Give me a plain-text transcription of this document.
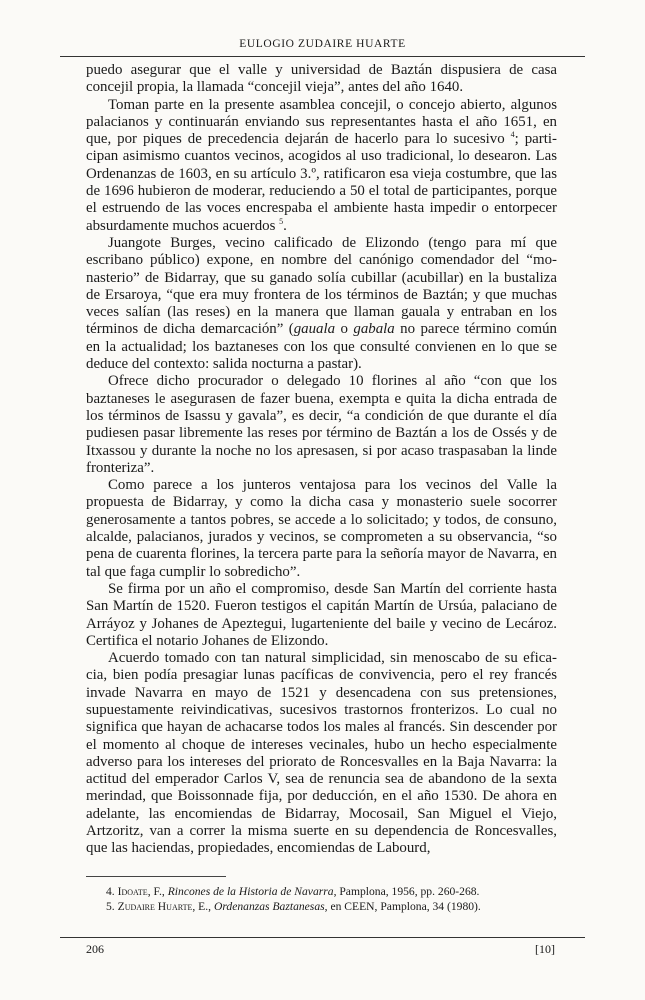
EULOGIO ZUDAIRE HUARTE

puedo asegurar que el valle y universidad de Baztán dispusiera de casa concejil propia, la llamada “concejil vieja”, antes del año 1640.

Toman parte en la presente asamblea concejil, o concejo abierto, algunos palacianos y continuarán enviando sus representantes hasta el año 1651, en que, por piques de precedencia dejarán de hacerlo para lo sucesivo $^4$; participan asimismo cuantos vecinos, acogidos al uso tradicional, lo desearon. Las Ordenanzas de 1603, en su artículo 3.º, ratificaron esa vieja costumbre, que las de 1696 hubieron de moderar, reduciendo a 50 el total de participantes, porque el estruendo de las voces encrespaba el ambiente hasta impedir o entorpecer absurdamente muchos acuerdos $^5$.

Juangote Burges, vecino calificado de Elizondo (tengo para mí que escribano público) expone, en nombre del canónigo comendador del “monasterio” de Bidarray, que su ganado solía cubillar (acubillar) en la bustaliza de Ersaroya, “que era muy frontera de los términos de Baztán; y que muchas veces salían (las reses) en la manera que llaman gauala y entraban en los términos de dicha demarcación” (gauala o gabala no parece término común en la actualidad; los baztaneses con los que consulté convienen en lo que se deduce del contexto: salida nocturna a pastar).

Ofrece dicho procurador o delegado 10 florines al año “con que los baztaneses le asegurasen de fazer buena, exempta e quita la dicha entrada de los términos de Isassu y gavala”, es decir, “a condición de que durante el día pudiesen pasar libremente las reses por término de Baztán a los de Ossés y de Itxassou y durante la noche no los apresasen, si por acaso traspasaban la linde fronteriza”.

Como parece a los junteros ventajosa para los vecinos del Valle la propuesta de Bidarray, y como la dicha casa y monasterio suele socorrer generosamente a tantos pobres, se accede a lo solicitado; y todos, de consuno, alcalde, palacianos, jurados y vecinos, se comprometen a su observancia, “so pena de cuarenta florines, la tercera parte para la señoría mayor de Navarra, en tal que faga cumplir lo sobredicho”.

Se firma por un año el compromiso, desde San Martín del corriente hasta San Martín de 1520. Fueron testigos el capitán Martín de Ursúa, palaciano de Arráyoz y Johanes de Apeztegui, lugarteniente del baile y vecino de Lecároz. Certifica el notario Johanes de Elizondo.

Acuerdo tomado con tan natural simplicidad, sin menoscabo de su eficacia, bien podía presagiar lunas pacíficas de convivencia, pero el rey francés invade Navarra en mayo de 1521 y desencadena con sus pretensiones, supuestamente reivindicativas, sucesivos trastornos fronterizos. Lo cual no significa que hayan de achacarse todos los males al francés. Sin descender por el momento al choque de intereses vecinales, hubo un hecho especialmente adverso para los intereses del priorato de Roncesvalles en la Baja Navarra: la actitud del emperador Carlos V, sea de renuncia sea de abandono de la sexta merindad, que Boissonnade fija, por deducción, en el año 1530. De ahora en adelante, las encomiendas de Bidarray, Mocosail, San Miguel el Viejo, Artzoritz, van a correr la misma suerte en su dependencia de Roncesvalles, que las haciendas, propiedades, encomiendas de Labourd,

4. Idoate, F., Rincones de la Historia de Navarra, Pamplona, 1956, pp. 260-268.
5. Zudaire Huarte, E., Ordenanzas Baztanesas, en CEEN, Pamplona, 34 (1980).
206	[10]
